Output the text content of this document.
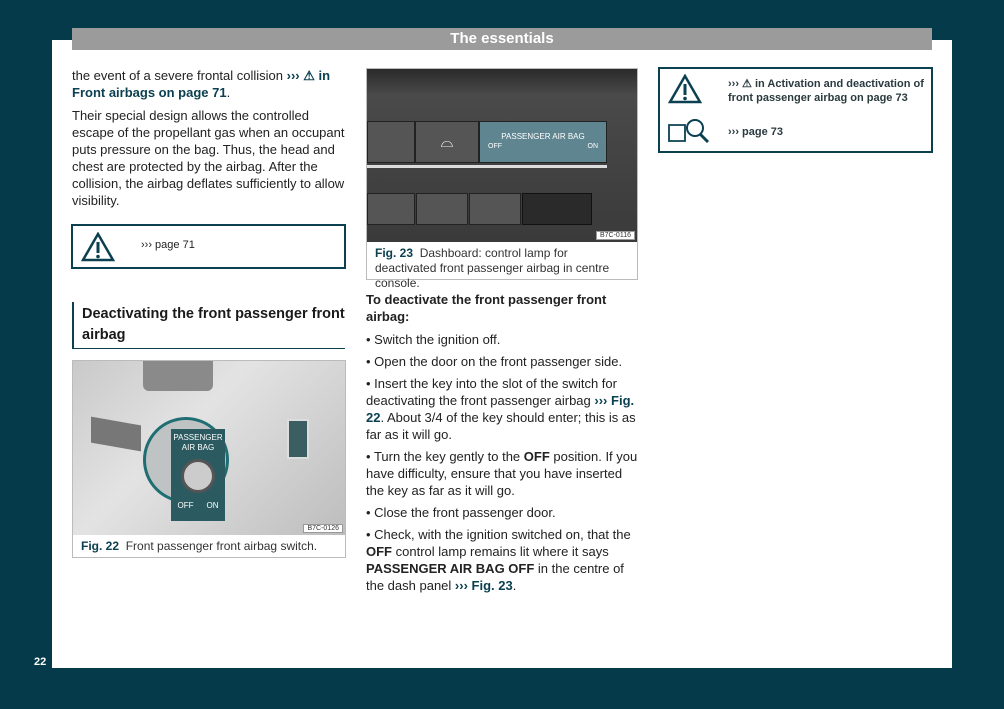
The essentials
22

the event of a severe frontal collision ››› ⚠ in Front airbags on page 71.

Their special design allows the controlled escape of the propellant gas when an occupant puts pressure on the bag. Thus, the head and chest are protected by the airbag. After the collision, the airbag deflates sufficiently to allow visibility.

››› page 71
Deactivating the front passenger front airbag
PASSENGER AIR BAG
OFF ON
B7C-0126
Fig. 22 Front passenger front airbag switch.
⌓	PASSENGER AIR BAG
OFF	ON
B7C-0116
Fig. 23 Dashboard: control lamp for deactivated front passenger airbag in centre console.

To deactivate the front passenger front airbag:

• Switch the ignition off.
• Open the door on the front passenger side.
• Insert the key into the slot of the switch for deactivating the front passenger airbag ››› Fig. 22. About 3/4 of the key should enter; this is as far as it will go.
• Turn the key gently to the OFF position. If you have difficulty, ensure that you have inserted the key as far as it will go.
• Close the front passenger door.
• Check, with the ignition switched on, that the OFF control lamp remains lit where it says PASSENGER AIR BAG OFF in the centre of the dash panel ››› Fig. 23.
››› ⚠ in Activation and deactivation of front passenger airbag on page 73
››› page 73
